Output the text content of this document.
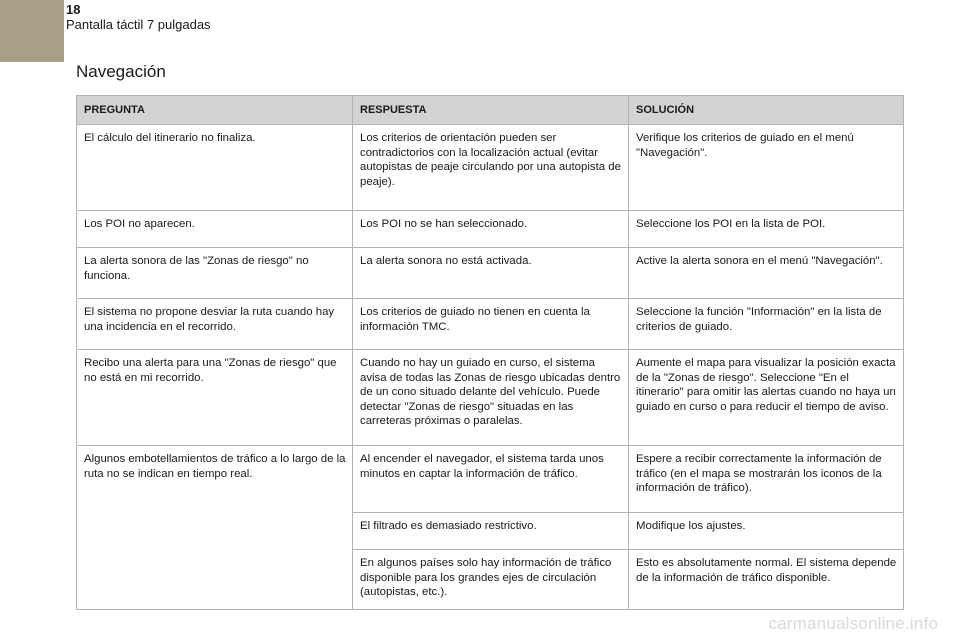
18
Pantalla táctil 7 pulgadas
Navegación
PREGUNTA	RESPUESTA	SOLUCIÓN
El cálculo del itinerario no finaliza.	Los criterios de orientación pueden ser contradictorios con la localización actual (evitar autopistas de peaje circulando por una autopista de peaje).	Verifique los criterios de guiado en el menú "Navegación".
Los POI no aparecen.	Los POI no se han seleccionado.	Seleccione los POI en la lista de POI.
La alerta sonora de las "Zonas de riesgo" no funciona.	La alerta sonora no está activada.	Active la alerta sonora en el menú "Navegación".
El sistema no propone desviar la ruta cuando hay una incidencia en el recorrido.	Los criterios de guiado no tienen en cuenta la información TMC.	Seleccione la función "Información" en la lista de criterios de guiado.
Recibo una alerta para una "Zonas de riesgo" que no está en mi recorrido.	Cuando no hay un guiado en curso, el sistema avisa de todas las Zonas de riesgo ubicadas dentro de un cono situado delante del vehículo. Puede detectar "Zonas de riesgo" situadas en las carreteras próximas o paralelas.	Aumente el mapa para visualizar la posición exacta de la "Zonas de riesgo". Seleccione "En el itinerario" para omitir las alertas cuando no haya un guiado en curso o para reducir el tiempo de aviso.
Algunos embotellamientos de tráfico a lo largo de la ruta no se indican en tiempo real.	Al encender el navegador, el sistema tarda unos minutos en captar la información de tráfico.	Espere a recibir correctamente la información de tráfico (en el mapa se mostrarán los iconos de la información de tráfico).
	El filtrado es demasiado restrictivo.	Modifique los ajustes.
	En algunos países solo hay información de tráfico disponible para los grandes ejes de circulación (autopistas, etc.).	Esto es absolutamente normal. El sistema depende de la información de tráfico disponible.
carmanualsonline.info
